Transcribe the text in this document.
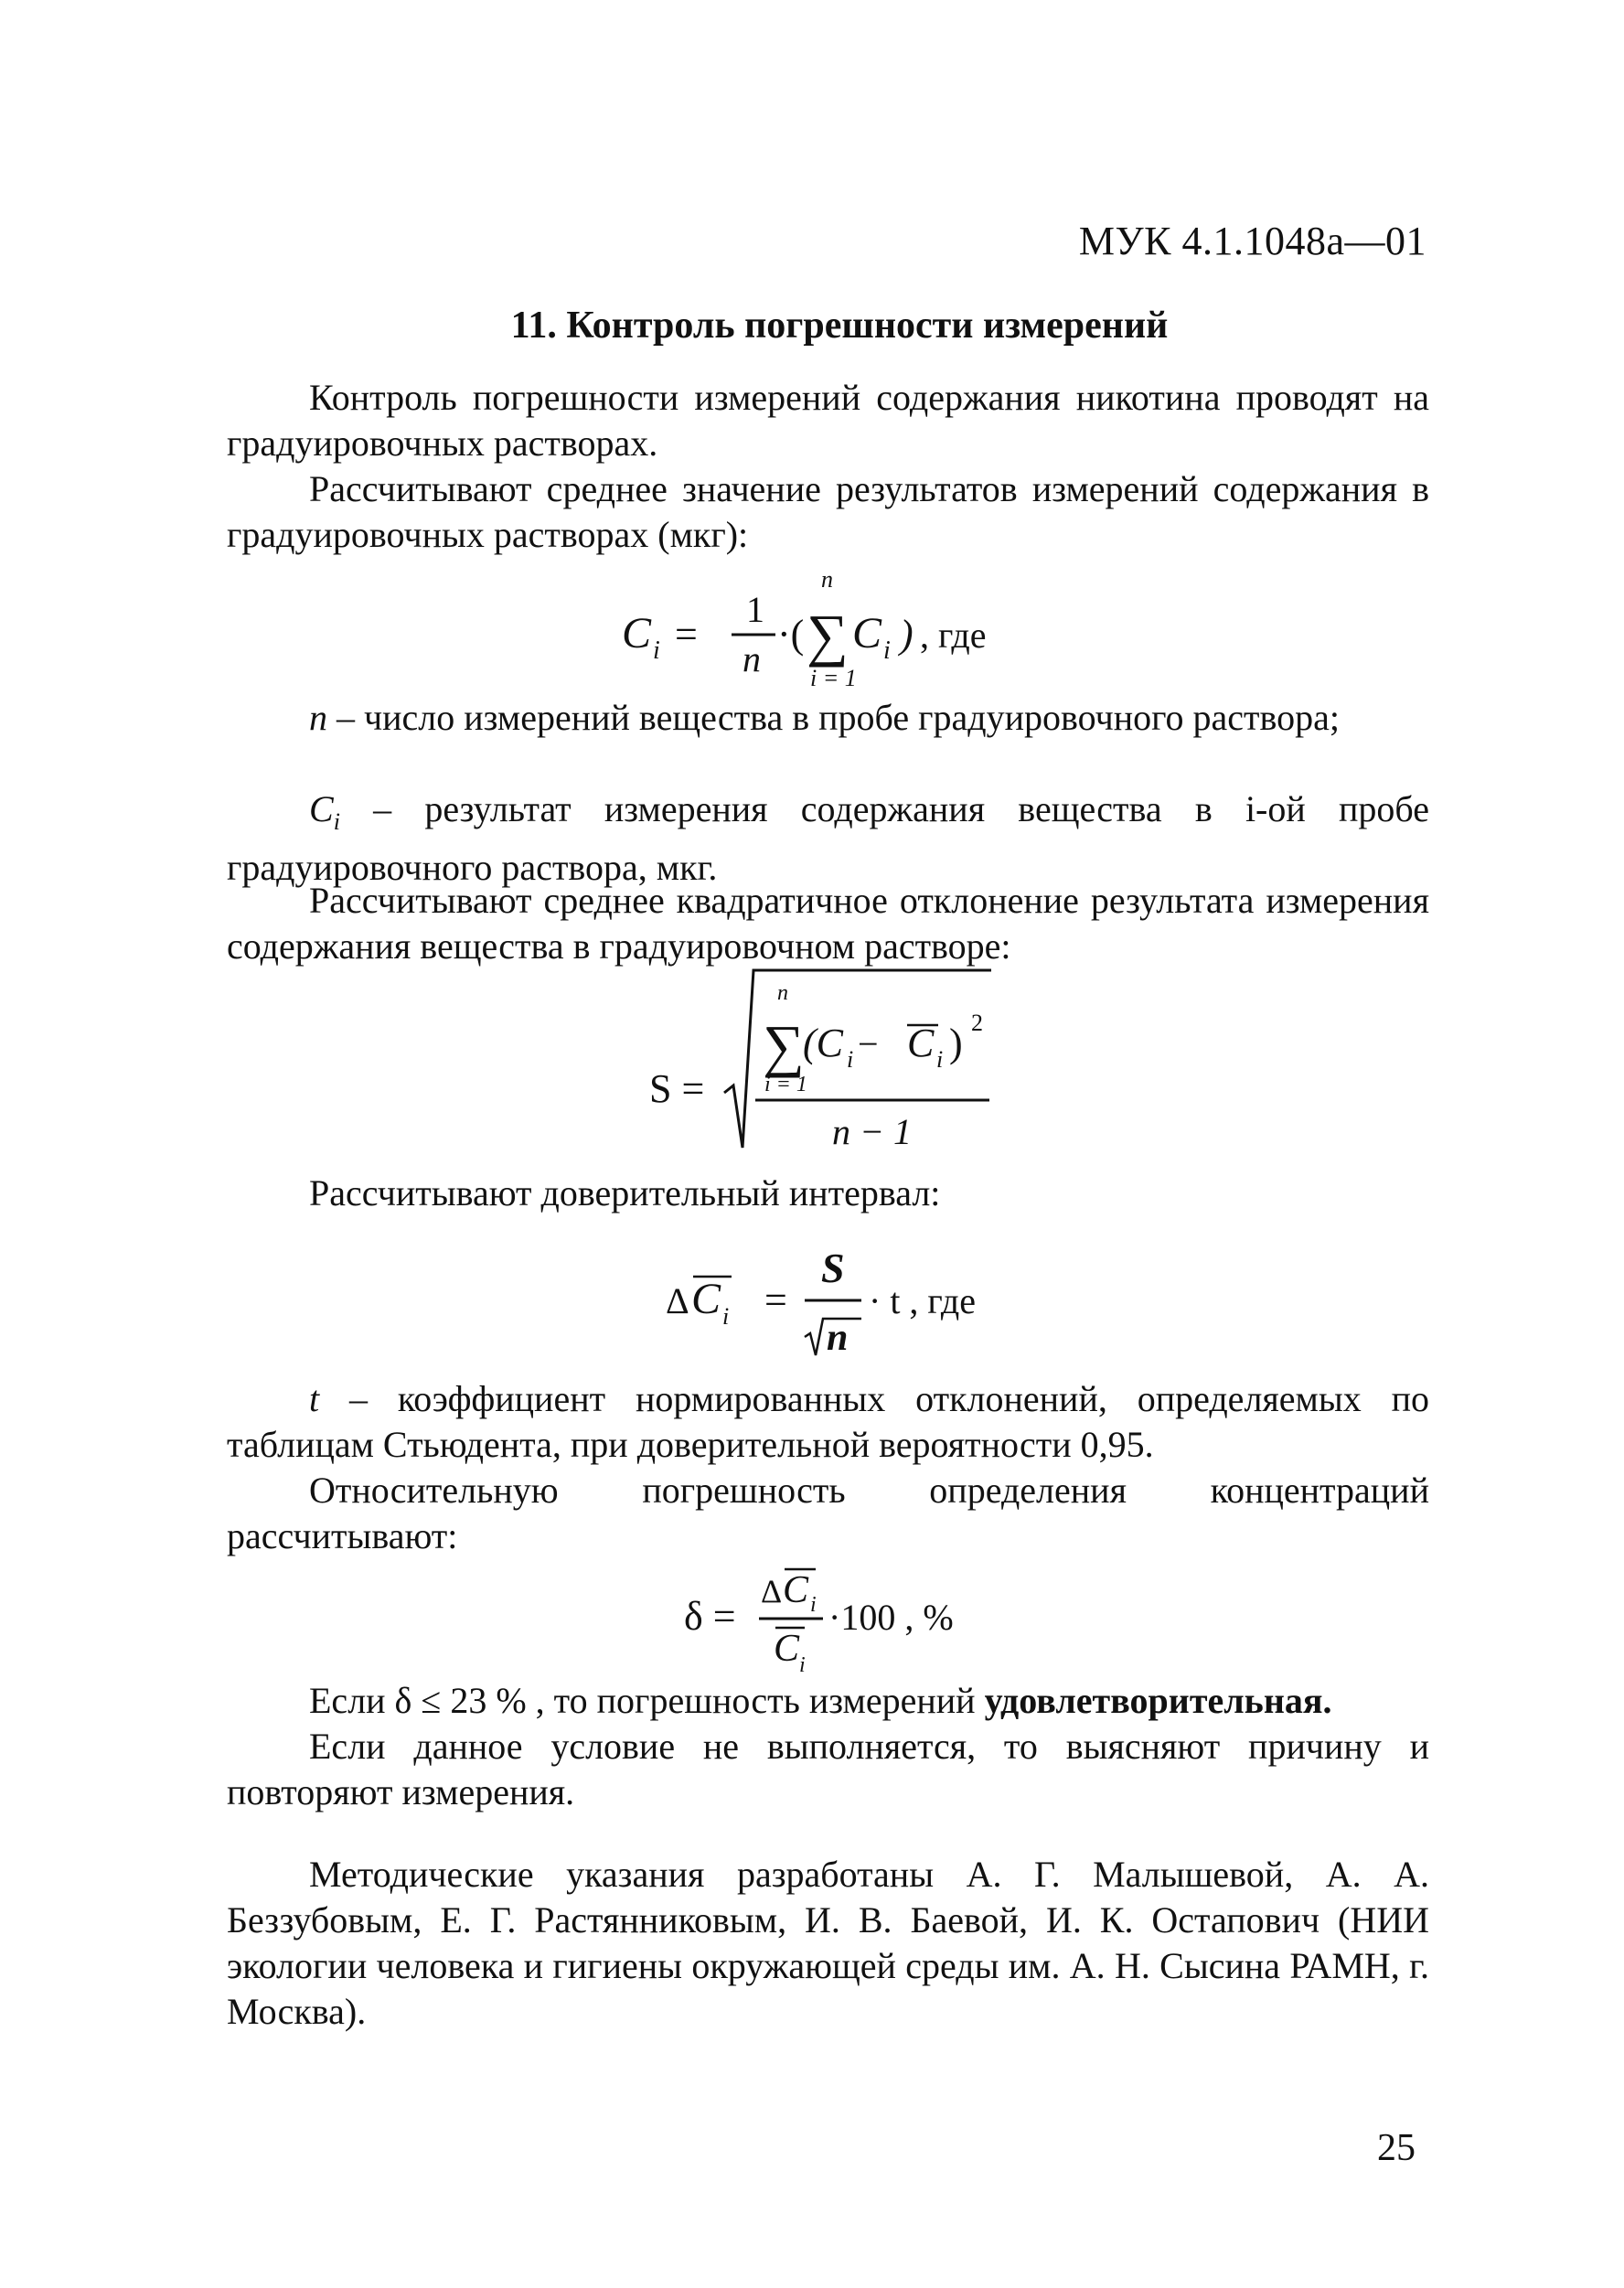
МУК 4.1.1048а—01
11. Контроль погрешности измерений
Контроль погрешности измерений содержания никотина проводят на градуировочных растворах.
Рассчитывают среднее значение результатов измерений содержания в градуировочных растворах (мкг):
C i =
1
n
·(
n
∑
i = 1
C i ) , где
n – число измерений вещества в пробе градуировочного раствора;
$C_i$ – результат измерения содержания вещества в i-ой пробе градуировочного раствора, мкг.
Рассчитывают среднее квадратичное отклонение результата измерения содержания вещества в градуировочном растворе:
S =
n
∑
i = 1
(C i − C i ) 2
n − 1
Рассчитывают доверительный интервал:
Δ C i =
S
n
· t , где
t – коэффициент нормированных отклонений, определяемых по таблицам Стьюдента, при доверительной вероятности 0,95.
Относительную погрешность определения концентраций рассчитывают:
δ =
Δ C i
C i
·100 , %
Если δ ≤ 23 % , то погрешность измерений удовлетворительная.
Если данное условие не выполняется, то выясняют причину и повторяют измерения.
Методические указания разработаны А. Г. Малышевой, А. А. Беззубовым, Е. Г. Растянниковым, И. В. Баевой, И. К. Остапович (НИИ экологии человека и гигиены окружающей среды им. А. Н. Сысина РАМН, г. Москва).
25
